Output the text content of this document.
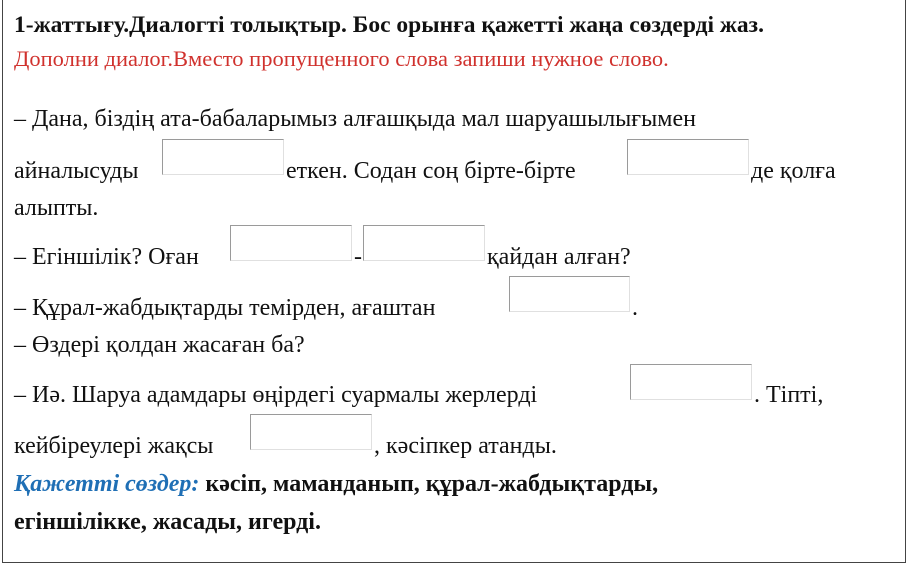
1-жаттығу.Диалогті толықтыр. Бос орынға қажетті жаңа сөздерді жаз.
Дополни диалог.Вместо пропущенного слова запиши нужное слово.
– Дана, біздің ата-бабаларымыз алғашқыда мал шаруашылығымен
айналысуды	еткен. Содан соң бірте-бірте	де қолға
алыпты.
– Егіншілік? Оған	-	қайдан алған?
– Құрал-жабдықтарды темірден, ағаштан	.
– Өздері қолдан жасаған ба?
– Иә. Шаруа адамдары өңірдегі суармалы жерлерді	. Тіпті,
кейбіреулері жақсы	, кәсіпкер атанды.
Қажетті сөздер: кәсіп, маманданып, құрал-жабдықтарды,
егіншілікке, жасады, игерді.
